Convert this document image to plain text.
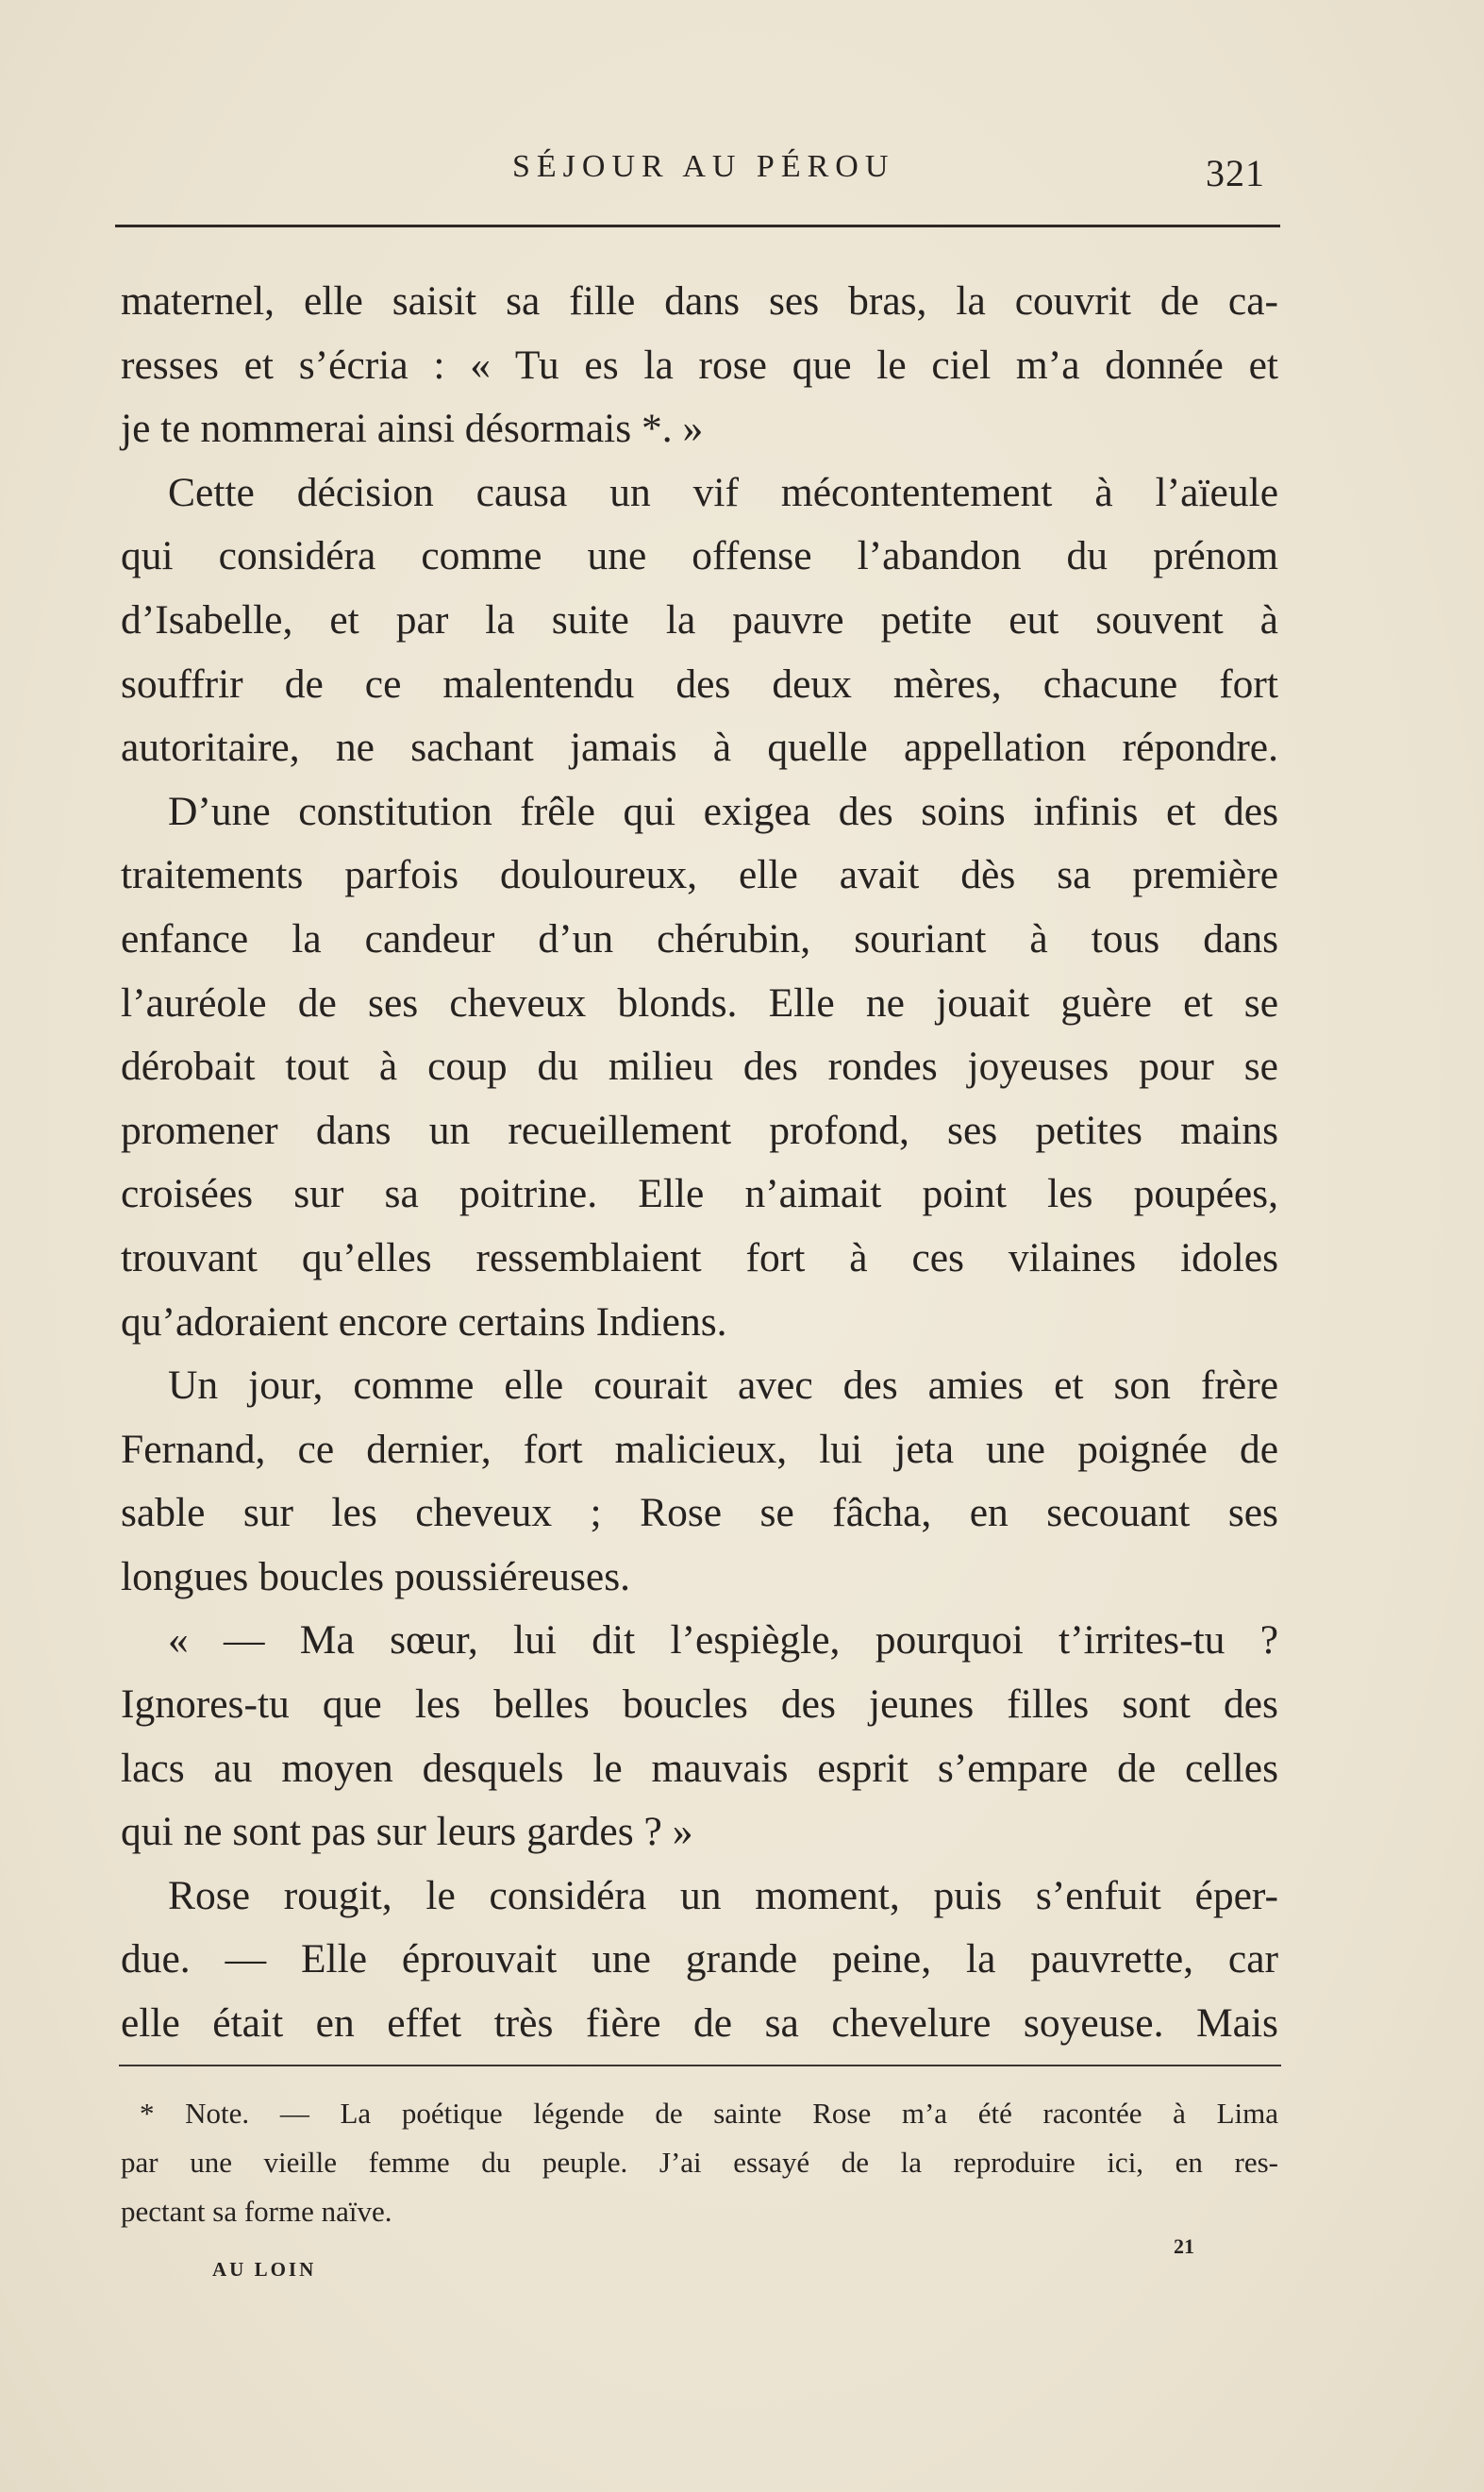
SÉJOUR AU PÉROU	321
maternel, elle saisit sa fille dans ses bras, la couvrit de ca-
resses et s’écria : « Tu es la rose que le ciel m’a donnée et
je te nommerai ainsi désormais *. »
Cette décision causa un vif mécontentement à l’aïeule
qui considéra comme une offense l’abandon du prénom
d’Isabelle, et par la suite la pauvre petite eut souvent à
souffrir de ce malentendu des deux mères, chacune fort
autoritaire, ne sachant jamais à quelle appellation répondre.
D’une constitution frêle qui exigea des soins infinis et des
traitements parfois douloureux, elle avait dès sa première
enfance la candeur d’un chérubin, souriant à tous dans
l’auréole de ses cheveux blonds. Elle ne jouait guère et se
dérobait tout à coup du milieu des rondes joyeuses pour se
promener dans un recueillement profond, ses petites mains
croisées sur sa poitrine. Elle n’aimait point les poupées,
trouvant qu’elles ressemblaient fort à ces vilaines idoles
qu’adoraient encore certains Indiens.
Un jour, comme elle courait avec des amies et son frère
Fernand, ce dernier, fort malicieux, lui jeta une poignée de
sable sur les cheveux ; Rose se fâcha, en secouant ses
longues boucles poussiéreuses.
« — Ma sœur, lui dit l’espiègle, pourquoi t’irrites-tu ?
Ignores-tu que les belles boucles des jeunes filles sont des
lacs au moyen desquels le mauvais esprit s’empare de celles
qui ne sont pas sur leurs gardes ? »
Rose rougit, le considéra un moment, puis s’enfuit éper-
due. — Elle éprouvait une grande peine, la pauvrette, car
elle était en effet très fière de sa chevelure soyeuse. Mais
* Note. — La poétique légende de sainte Rose m’a été racontée à Lima
par une vieille femme du peuple. J’ai essayé de la reproduire ici, en res-
pectant sa forme naïve.
AU LOIN
21
